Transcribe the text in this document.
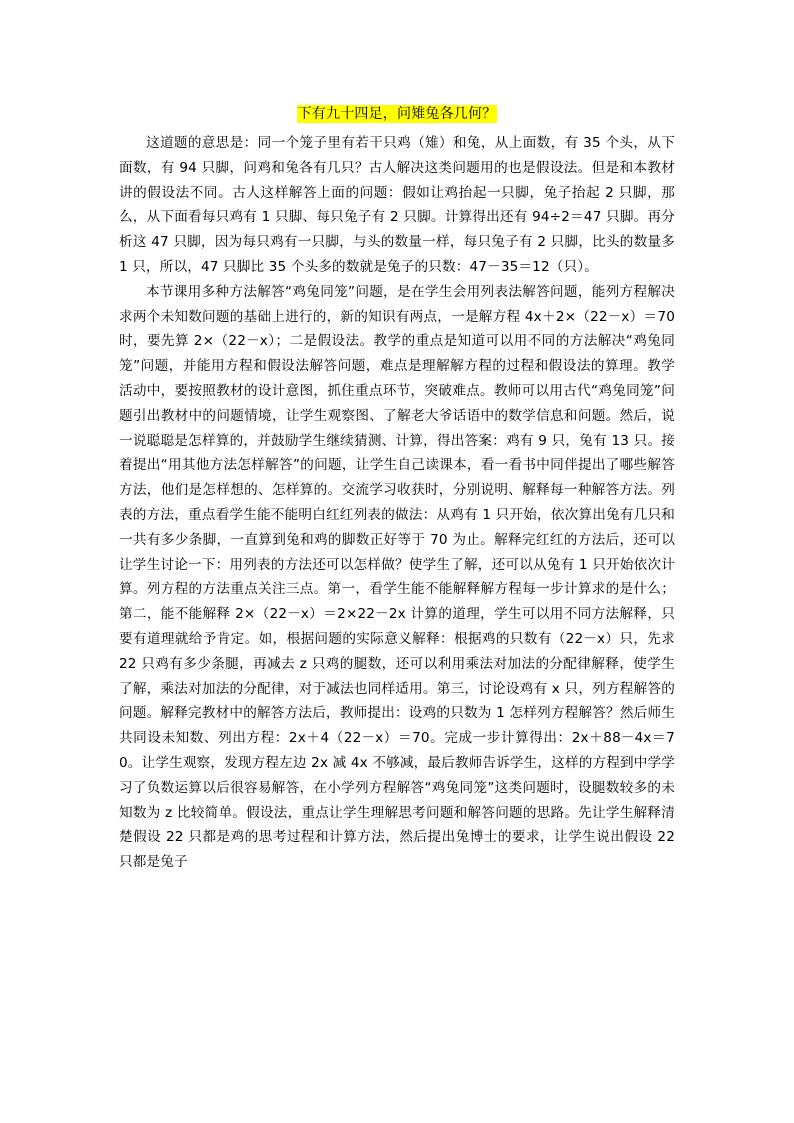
下有九十四足，问雉兔各几何？

这道题的意思是：同一个笼子里有若干只鸡（雉）和兔，从上面数，有 35 个头，从下面数，有 94 只脚，问鸡和兔各有几只？古人解决这类问题用的也是假设法。但是和本教材讲的假设法不同。古人这样解答上面的问题：假如让鸡抬起一只脚，兔子抬起 2 只脚，那么，从下面看每只鸡有 1 只脚、每只兔子有 2 只脚。计算得出还有 94÷2＝47 只脚。再分析这 47 只脚，因为每只鸡有一只脚，与头的数量一样，每只兔子有 2 只脚，比头的数量多 1 只，所以，47 只脚比 35 个头多的数就是兔子的只数：47－35＝12（只）。

本节课用多种方法解答“鸡兔同笼”问题，是在学生会用列表法解答问题，能列方程解决求两个未知数问题的基础上进行的，新的知识有两点，一是解方程 4x＋2×（22－x）＝70 时，要先算 2×（22－x）；二是假设法。教学的重点是知道可以用不同的方法解决“鸡兔同笼”问题，并能用方程和假设法解答问题，难点是理解解方程的过程和假设法的算理。教学活动中，要按照教材的设计意图，抓住重点环节，突破难点。教师可以用古代“鸡兔同笼”问题引出教材中的问题情境，让学生观察图、了解老大爷话语中的数学信息和问题。然后，说一说聪聪是怎样算的，并鼓励学生继续猜测、计算，得出答案：鸡有 9 只，兔有 13 只。接着提出“用其他方法怎样解答”的问题，让学生自己读课本，看一看书中同伴提出了哪些解答方法，他们是怎样想的、怎样算的。交流学习收获时，分别说明、解释每一种解答方法。列表的方法，重点看学生能不能明白红红列表的做法：从鸡有 1 只开始，依次算出兔有几只和一共有多少条脚，一直算到兔和鸡的脚数正好等于 70 为止。解释完红红的方法后，还可以让学生讨论一下：用列表的方法还可以怎样做？使学生了解，还可以从兔有 1 只开始依次计算。列方程的方法重点关注三点。第一，看学生能不能解释解方程每一步计算求的是什么；第二，能不能解释 2×（22－x）＝2×22－2x 计算的道理，学生可以用不同方法解释，只要有道理就给予肯定。如，根据问题的实际意义解释：根据鸡的只数有（22－x）只，先求 22 只鸡有多少条腿，再减去 z 只鸡的腿数，还可以利用乘法对加法的分配律解释，使学生了解，乘法对加法的分配律，对于减法也同样适用。第三，讨论设鸡有 x 只，列方程解答的问题。解释完教材中的解答方法后，教师提出：设鸡的只数为 1 怎样列方程解答？然后师生共同设未知数、列出方程：2x＋4（22－x）＝70。完成一步计算得出：2x＋88－4x＝70。让学生观察，发现方程左边 2x 减 4x 不够减，最后教师告诉学生，这样的方程到中学学习了负数运算以后很容易解答，在小学列方程解答“鸡兔同笼”这类问题时，设腿数较多的未知数为 z 比较简单。假设法，重点让学生理解思考问题和解答问题的思路。先让学生解释清楚假设 22 只都是鸡的思考过程和计算方法，然后提出兔博士的要求，让学生说出假设 22 只都是兔子
